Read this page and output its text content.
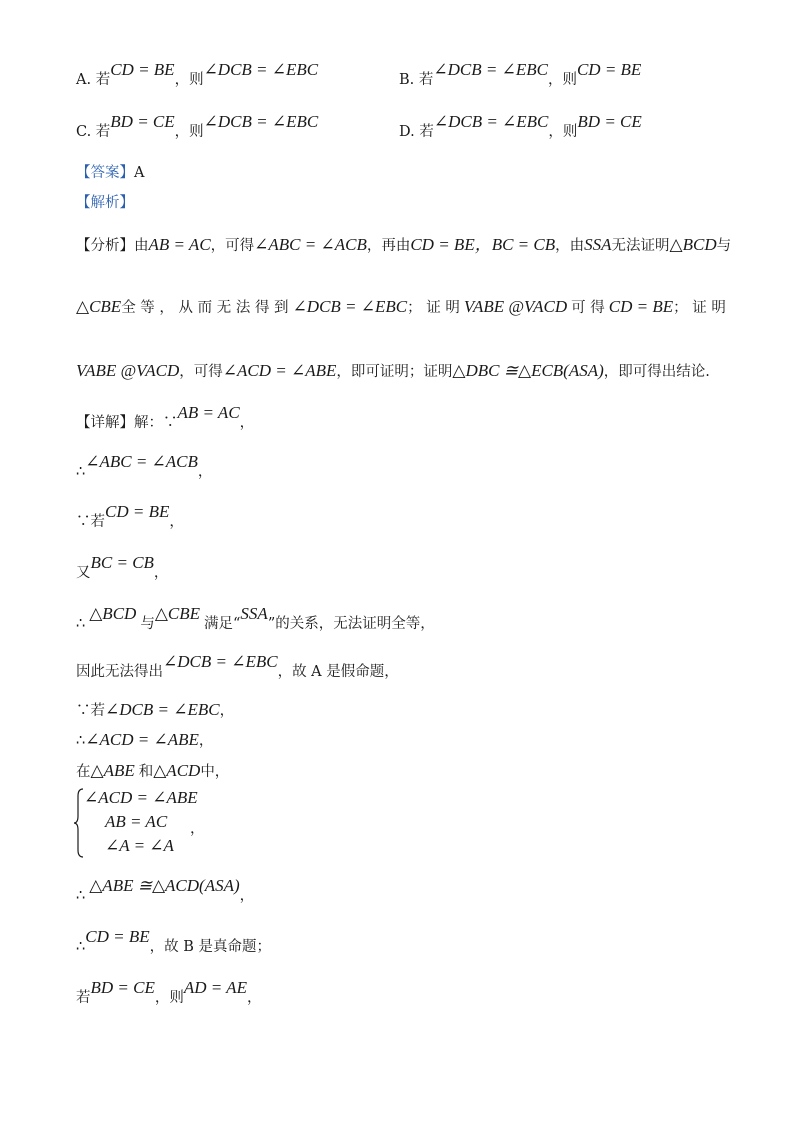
A. 若CD = BE，则∠DCB = ∠EBC
B. 若∠DCB = ∠EBC，则CD = BE
C. 若BD = CE，则∠DCB = ∠EBC
D. 若∠DCB = ∠EBC，则BD = CE
【答案】A
【解析】
【分析】由AB = AC，可得∠ABC = ∠ACB，再由CD = BE，BC = CB，由SSA无法证明△BCD与
△CBE全 等 ， 从 而 无 法 得 到 ∠DCB = ∠EBC； 证 明 VABE @VACD 可 得 CD = BE； 证 明
VABE @VACD，可得∠ACD = ∠ABE，即可证明；证明△DBC ≅△ECB(ASA)，即可得出结论.
【详解】解：∵AB = AC，
∴∠ABC = ∠ACB，
∵若CD = BE，
又BC = CB，
∴△BCD与△CBE满足“SSA”的关系，无法证明全等，
因此无法得出∠DCB = ∠EBC，故 A 是假命题，
∵若∠DCB = ∠EBC，
∴∠ACD = ∠ABE，
在△ABE 和△ACD中，
∠ACD = ∠ABE
AB = AC
∠A = ∠A
，
∴△ABE ≅△ACD(ASA)，
∴CD = BE，故 B 是真命题；
若BD = CE，则AD = AE，
